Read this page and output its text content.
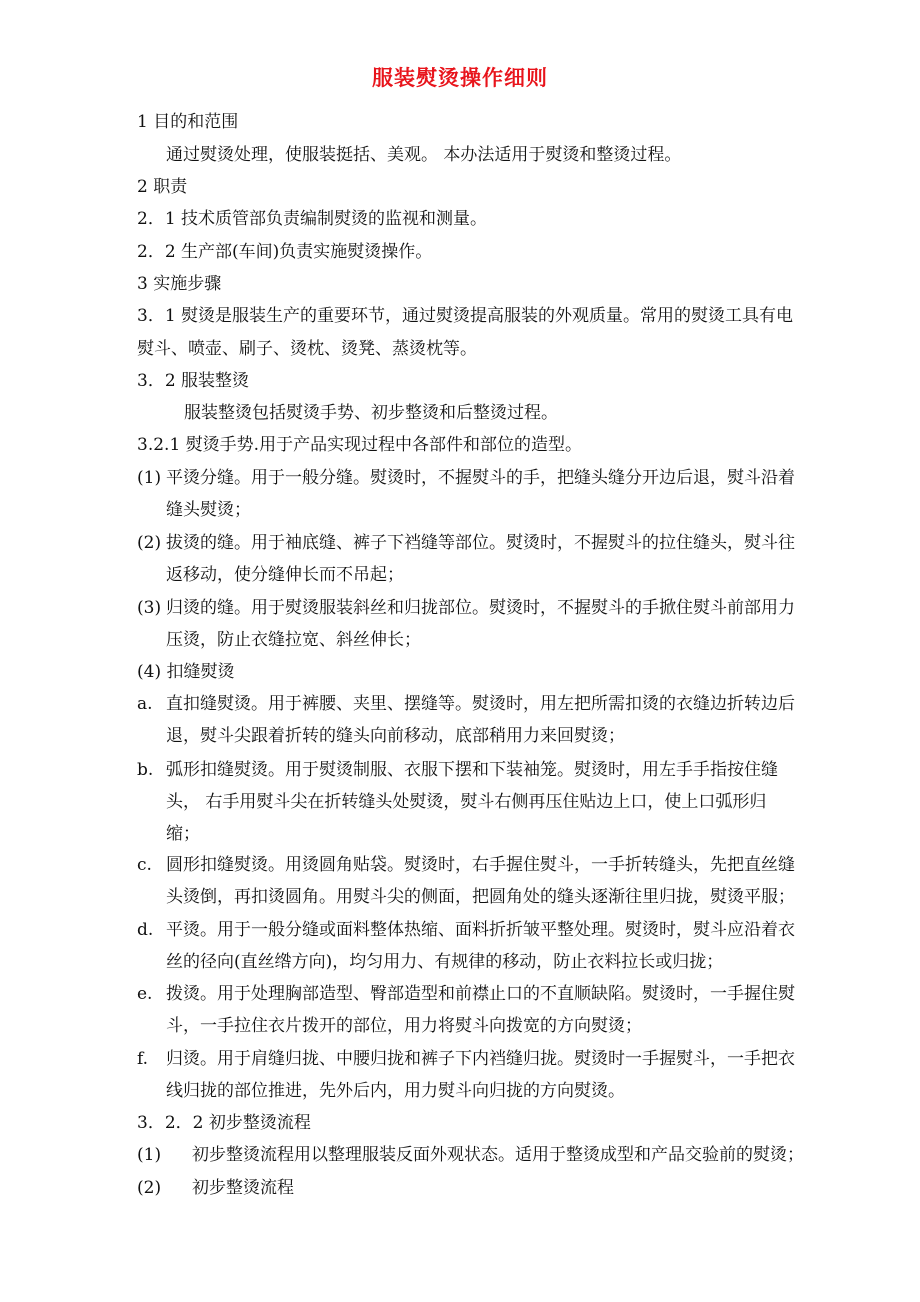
服装熨烫操作细则
1 目的和范围
通过熨烫处理，使服装挺括、美观。 本办法适用于熨烫和整烫过程。
2 职责
2．1 技术质管部负责编制熨烫的监视和测量。
2．2 生产部(车间)负责实施熨烫操作。
3 实施步骤
3．1 熨烫是服装生产的重要环节，通过熨烫提高服装的外观质量。常用的熨烫工具有电
熨斗、喷壶、刷子、烫枕、烫凳、蒸烫枕等。
3．2 服装整烫
服装整烫包括熨烫手势、初步整烫和后整烫过程。
3.2.1 熨烫手势.用于产品实现过程中各部件和部位的造型。
(1) 平烫分缝。用于一般分缝。熨烫时，不握熨斗的手，把缝头缝分开边后退，熨斗沿着
缝头熨烫；
(2) 拔烫的缝。用于袖底缝、裤子下裆缝等部位。熨烫时，不握熨斗的拉住缝头，熨斗往
返移动，使分缝伸长而不吊起；
(3) 归烫的缝。用于熨烫服装斜丝和归拢部位。熨烫时，不握熨斗的手掀住熨斗前部用力
压烫，防止衣缝拉宽、斜丝伸长；
(4) 扣缝熨烫
a. 直扣缝熨烫。用于裤腰、夹里、摆缝等。熨烫时，用左把所需扣烫的衣缝边折转边后
退，熨斗尖跟着折转的缝头向前移动，底部稍用力来回熨烫；
b. 弧形扣缝熨烫。用于熨烫制服、衣服下摆和下装袖笼。熨烫时，用左手手指按住缝
头， 右手用熨斗尖在折转缝头处熨烫，熨斗右侧再压住贴边上口，使上口弧形归
缩；
c. 圆形扣缝熨烫。用烫圆角贴袋。熨烫时，右手握住熨斗，一手折转缝头，先把直丝缝
头烫倒，再扣烫圆角。用熨斗尖的侧面，把圆角处的缝头逐渐往里归拢，熨烫平服；
d. 平烫。用于一般分缝或面料整体热缩、面料折折皱平整处理。熨烫时，熨斗应沿着衣
丝的径向(直丝绺方向)，均匀用力、有规律的移动，防止衣料拉长或归拢；
e. 拨烫。用于处理胸部造型、臀部造型和前襟止口的不直顺缺陷。熨烫时，一手握住熨
斗，一手拉住衣片拨开的部位，用力将熨斗向拨宽的方向熨烫；
f. 归烫。用于肩缝归拢、中腰归拢和裤子下内裆缝归拢。熨烫时一手握熨斗，一手把衣
线归拢的部位推进，先外后内，用力熨斗向归拢的方向熨烫。
3．2．2 初步整烫流程
(1) 初步整烫流程用以整理服装反面外观状态。适用于整烫成型和产品交验前的熨烫；
(2) 初步整烫流程
